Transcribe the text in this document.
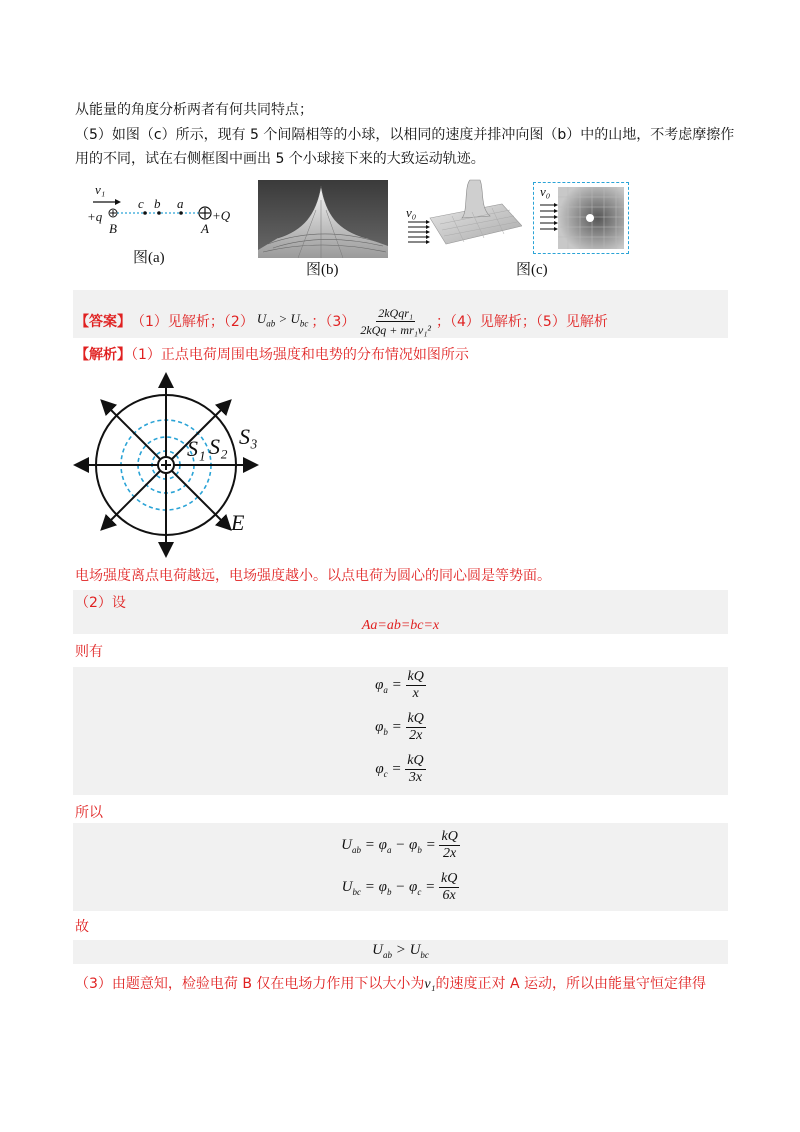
从能量的角度分析两者有何共同特点；
（5）如图（c）所示，现有 5 个间隔相等的小球，以相同的速度并排冲向图（b）中的山地，不考虑摩擦作
用的不同，试在右侧框图中画出 5 个小球接下来的大致运动轨迹。
v₁
+q
B
c b a
A
+Q
图(a)
图(b)
v₀
v₀
图(c)
【答案】 （1）见解析；（2） $U_{ab} > U_{bc}$ ；$(3) \frac{\text{2kQqr₁}}{\text{2kQq + mr₁v₁²}}$ ；（4）见解析；（5）见解析
【解析】（1）正点电荷周围电场强度和电势的分布情况如图所示
S₁ S₂ S₃
E
电场强度离点电荷越远，电场强度越小。以点电荷为圆心的同心圆是等势面。
（2）设
Aa=ab=bc=x
则有
$\varphi_a = \frac{kQ}{x}$
$\varphi_b = \frac{kQ}{2x}$
$\varphi_c = \frac{kQ}{3x}$
所以
$U_{ab} = \varphi_a - \varphi_b = \frac{kQ}{2x}$
$U_{bc} = \varphi_b - \varphi_c = \frac{kQ}{6x}$
故
$U_{ab} > U_{bc}$
（3）由题意知，检验电荷 B 仅在电场力作用下以大小为v₁的速度正对 A 运动，所以由能量守恒定律得
